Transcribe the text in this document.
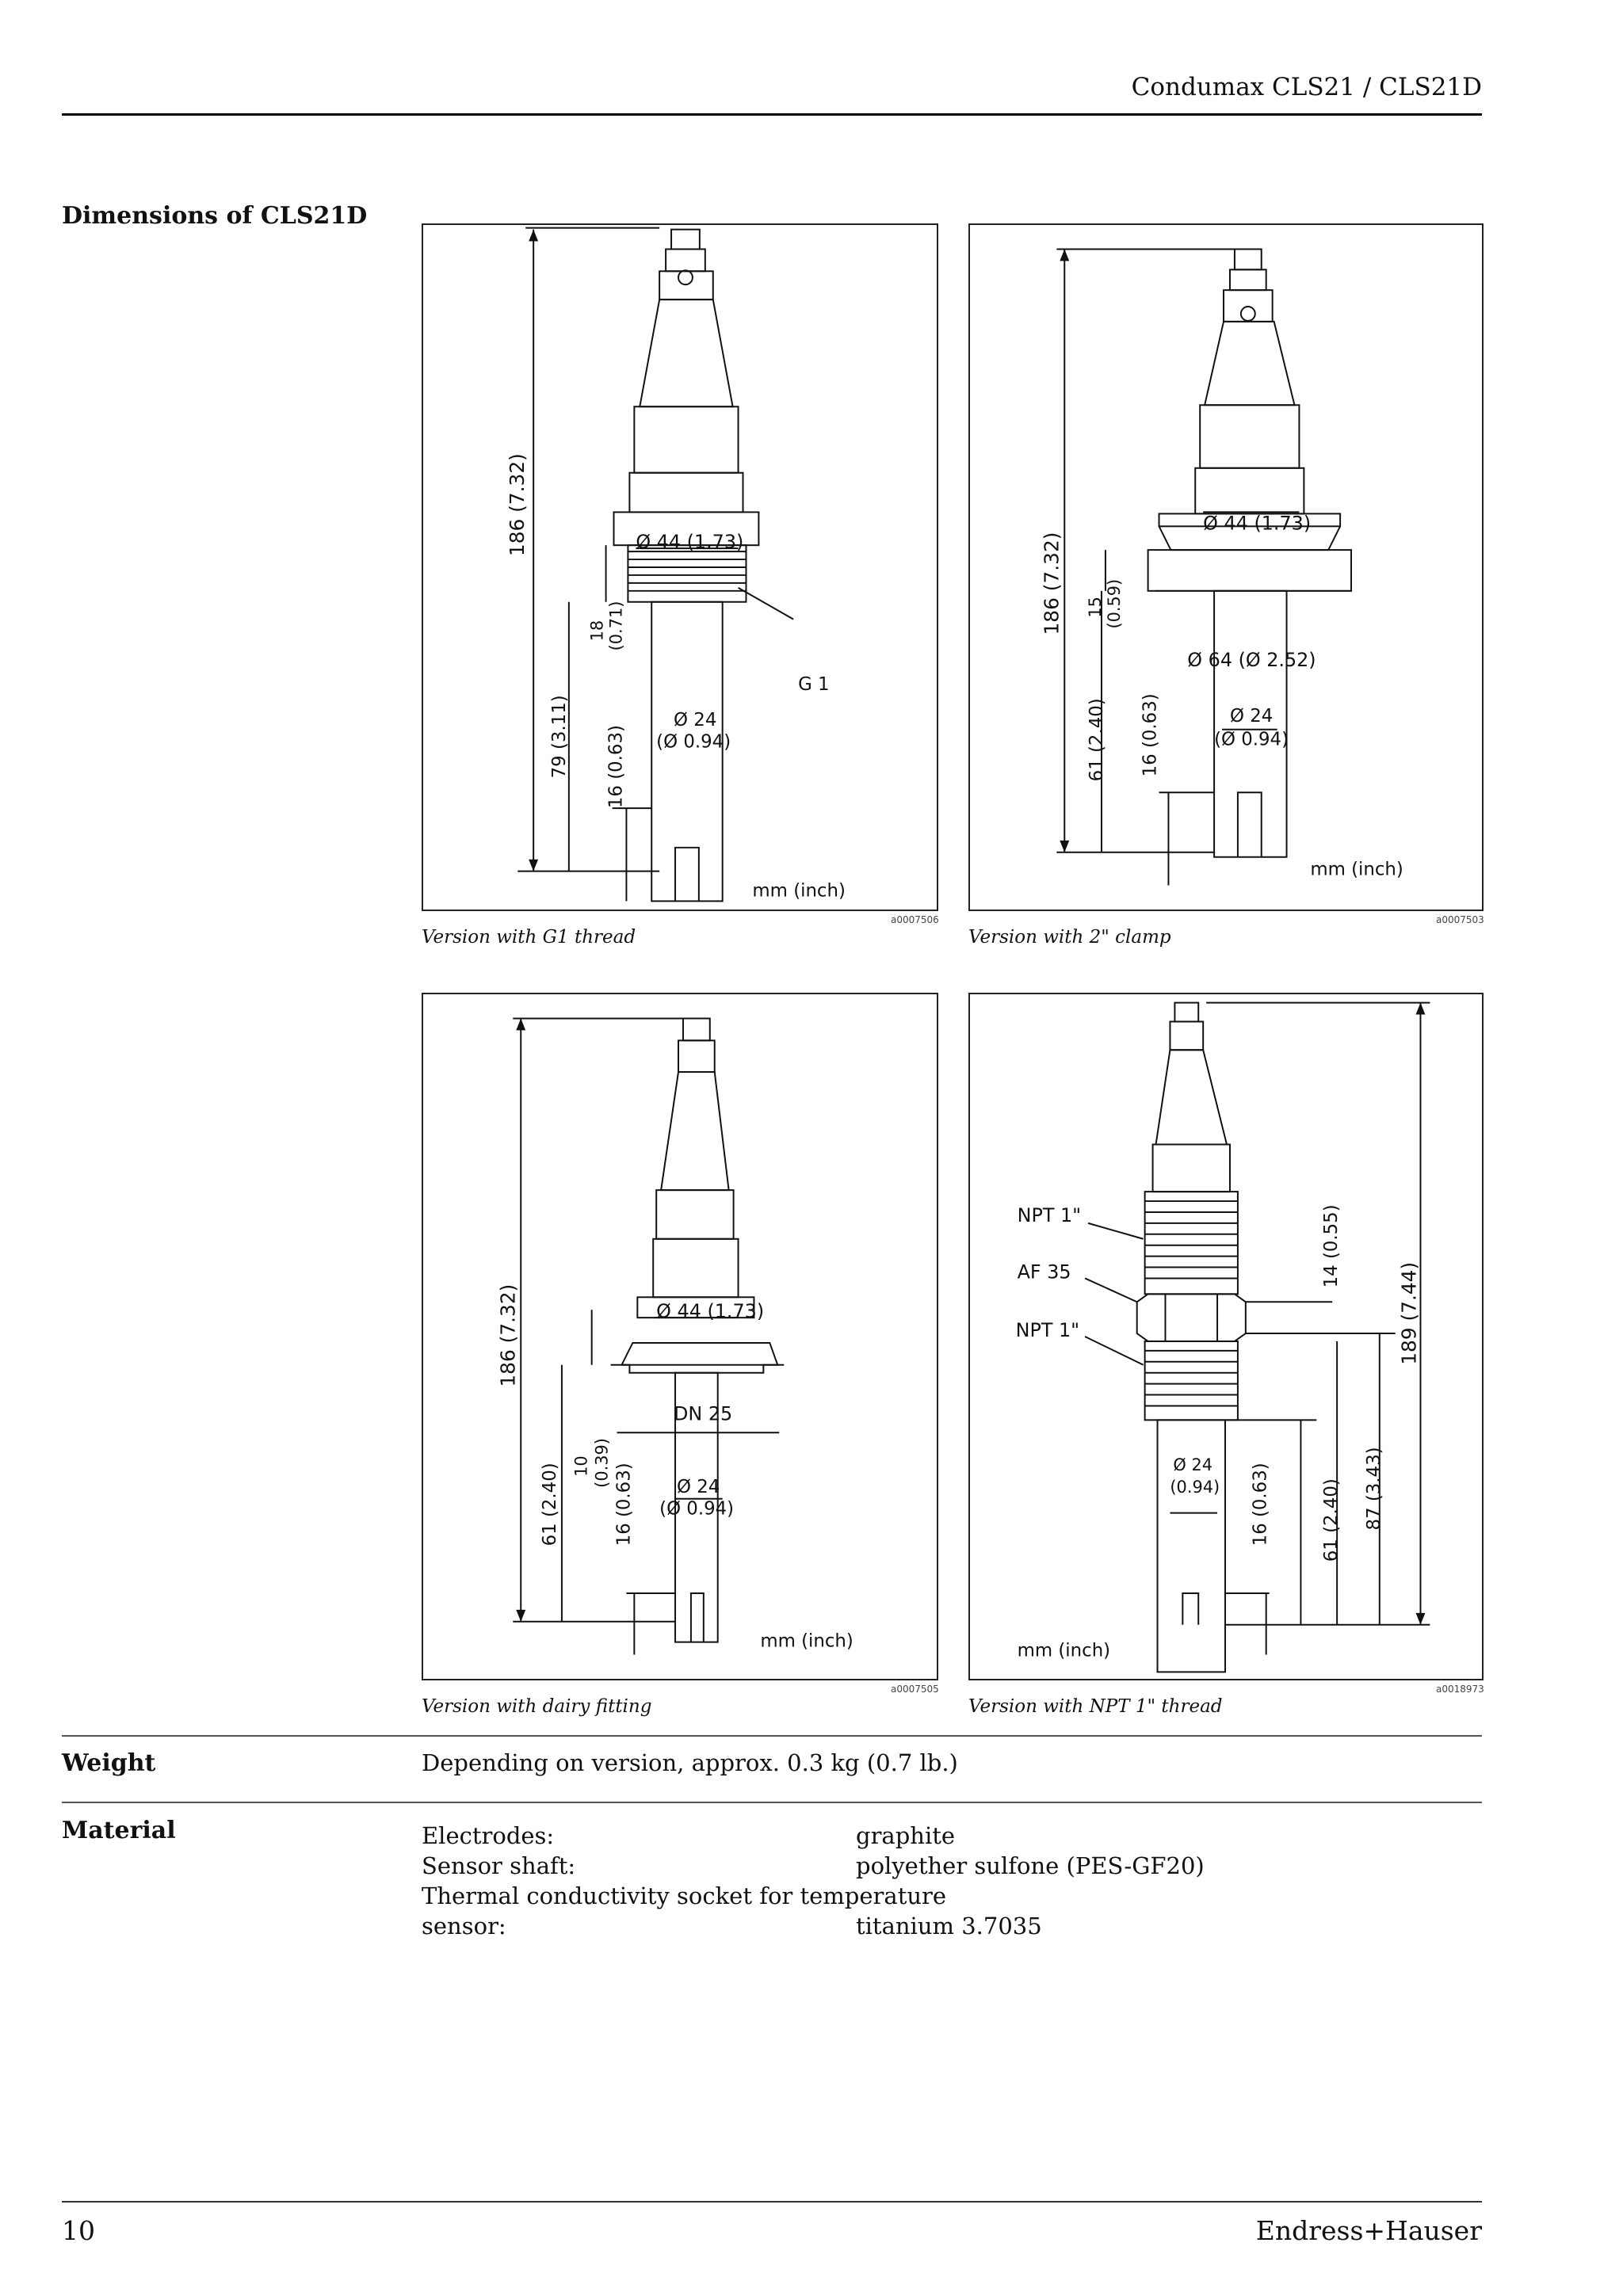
Condumax CLS21 / CLS21D
Dimensions of CLS21D
186 (7.32)	Ø 44 (1.73)
18 (0.71)
79 (3.11) 16 (0.63)
Ø 24
(Ø 0.94)
G 1
mm (inch)
a0007506
Version with G1 thread
186 (7.32)
Ø 44 (1.73)
15 (0.59)
Ø 64 (Ø 2.52)
61 (2.40) 16 (0.63)	Ø 24
(Ø 0.94)
mm (inch)
a0007503
Version with 2" clamp
186 (7.32)	Ø 44 (1.73)
10 (0.39)
DN 25
61 (2.40)	16 (0.63) Ø 24
(Ø 0.94)
mm (inch)
a0007505
Version with dairy fitting
NPT 1"
AF 35
NPT 1"
14 (0.55)
189 (7.44)
87 (3.43)
61 (2.40)
16 (0.63)
Ø 24
(0.94)
mm (inch)
a0018973
Version with NPT 1" thread
Weight	Depending on version, approx. 0.3 kg (0.7 lb.)
Material	Electrodes:	graphite
Sensor shaft:	polyether sulfone (PES-GF20)
Thermal conductivity socket for temperature
sensor:	titanium 3.7035
10	Endress+Hauser
